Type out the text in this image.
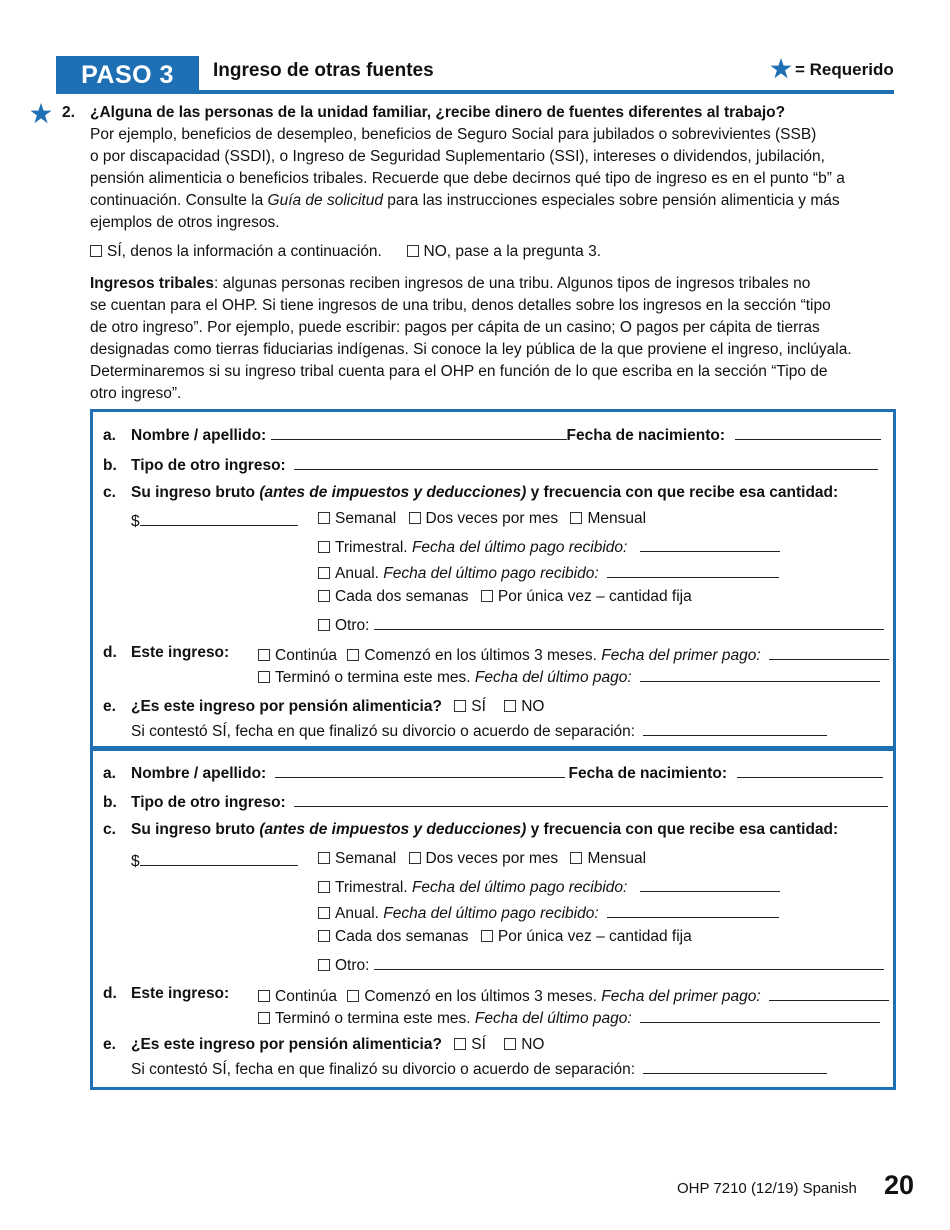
PASO 3 Ingreso de otras fuentes	= Requerido
2. ¿Alguna de las personas de la unidad familiar, ¿recibe dinero de fuentes diferentes al trabajo?
Por ejemplo, beneficios de desempleo, beneficios de Seguro Social para jubilados o sobrevivientes (SSB)
o por discapacidad (SSDI), o Ingreso de Seguridad Suplementario (SSI), intereses o dividendos, jubilación,
pensión alimenticia o beneficios tribales. Recuerde que debe decirnos qué tipo de ingreso es en el punto “b” a
continuación. Consulte la Guía de solicitud para las instrucciones especiales sobre pensión alimenticia y más
ejemplos de otros ingresos.
SÍ, denos la información a continuación.	NO, pase a la pregunta 3.
Ingresos tribales: algunas personas reciben ingresos de una tribu. Algunos tipos de ingresos tribales no
se cuentan para el OHP. Si tiene ingresos de una tribu, denos detalles sobre los ingresos en la sección “tipo
de otro ingreso”. Por ejemplo, puede escribir: pagos per cápita de un casino; O pagos per cápita de tierras
designadas como tierras fiduciarias indígenas. Si conoce la ley pública de la que proviene el ingreso, inclúyala.
Determinaremos si su ingreso tribal cuenta para el OHP en función de lo que escriba en la sección “Tipo de
otro ingreso”.
a. Nombre / apellido:	Fecha de nacimiento:
b. Tipo de otro ingreso:
c. Su ingreso bruto (antes de impuestos y deducciones) y frecuencia con que recibe esa cantidad:
$	Semanal Dos veces por mes Mensual
Trimestral. Fecha del último pago recibido:
Anual. Fecha del último pago recibido:
Cada dos semanas Por única vez – cantidad fija
Otro:
d. Este ingreso:	Continúa Comenzó en los últimos 3 meses. Fecha del primer pago:
Terminó o termina este mes. Fecha del último pago:
e. ¿Es este ingreso por pensión alimenticia? SÍ NO
Si contestó SÍ, fecha en que finalizó su divorcio o acuerdo de separación:
a. Nombre / apellido:	Fecha de nacimiento:
b. Tipo de otro ingreso:
c. Su ingreso bruto (antes de impuestos y deducciones) y frecuencia con que recibe esa cantidad:
$	Semanal Dos veces por mes Mensual
Trimestral. Fecha del último pago recibido:
Anual. Fecha del último pago recibido:
Cada dos semanas Por única vez – cantidad fija
Otro:
d. Este ingreso:	Continúa Comenzó en los últimos 3 meses. Fecha del primer pago:
Terminó o termina este mes. Fecha del último pago:
e. ¿Es este ingreso por pensión alimenticia? SÍ NO
Si contestó SÍ, fecha en que finalizó su divorcio o acuerdo de separación:
OHP 7210 (12/19) Spanish 20
